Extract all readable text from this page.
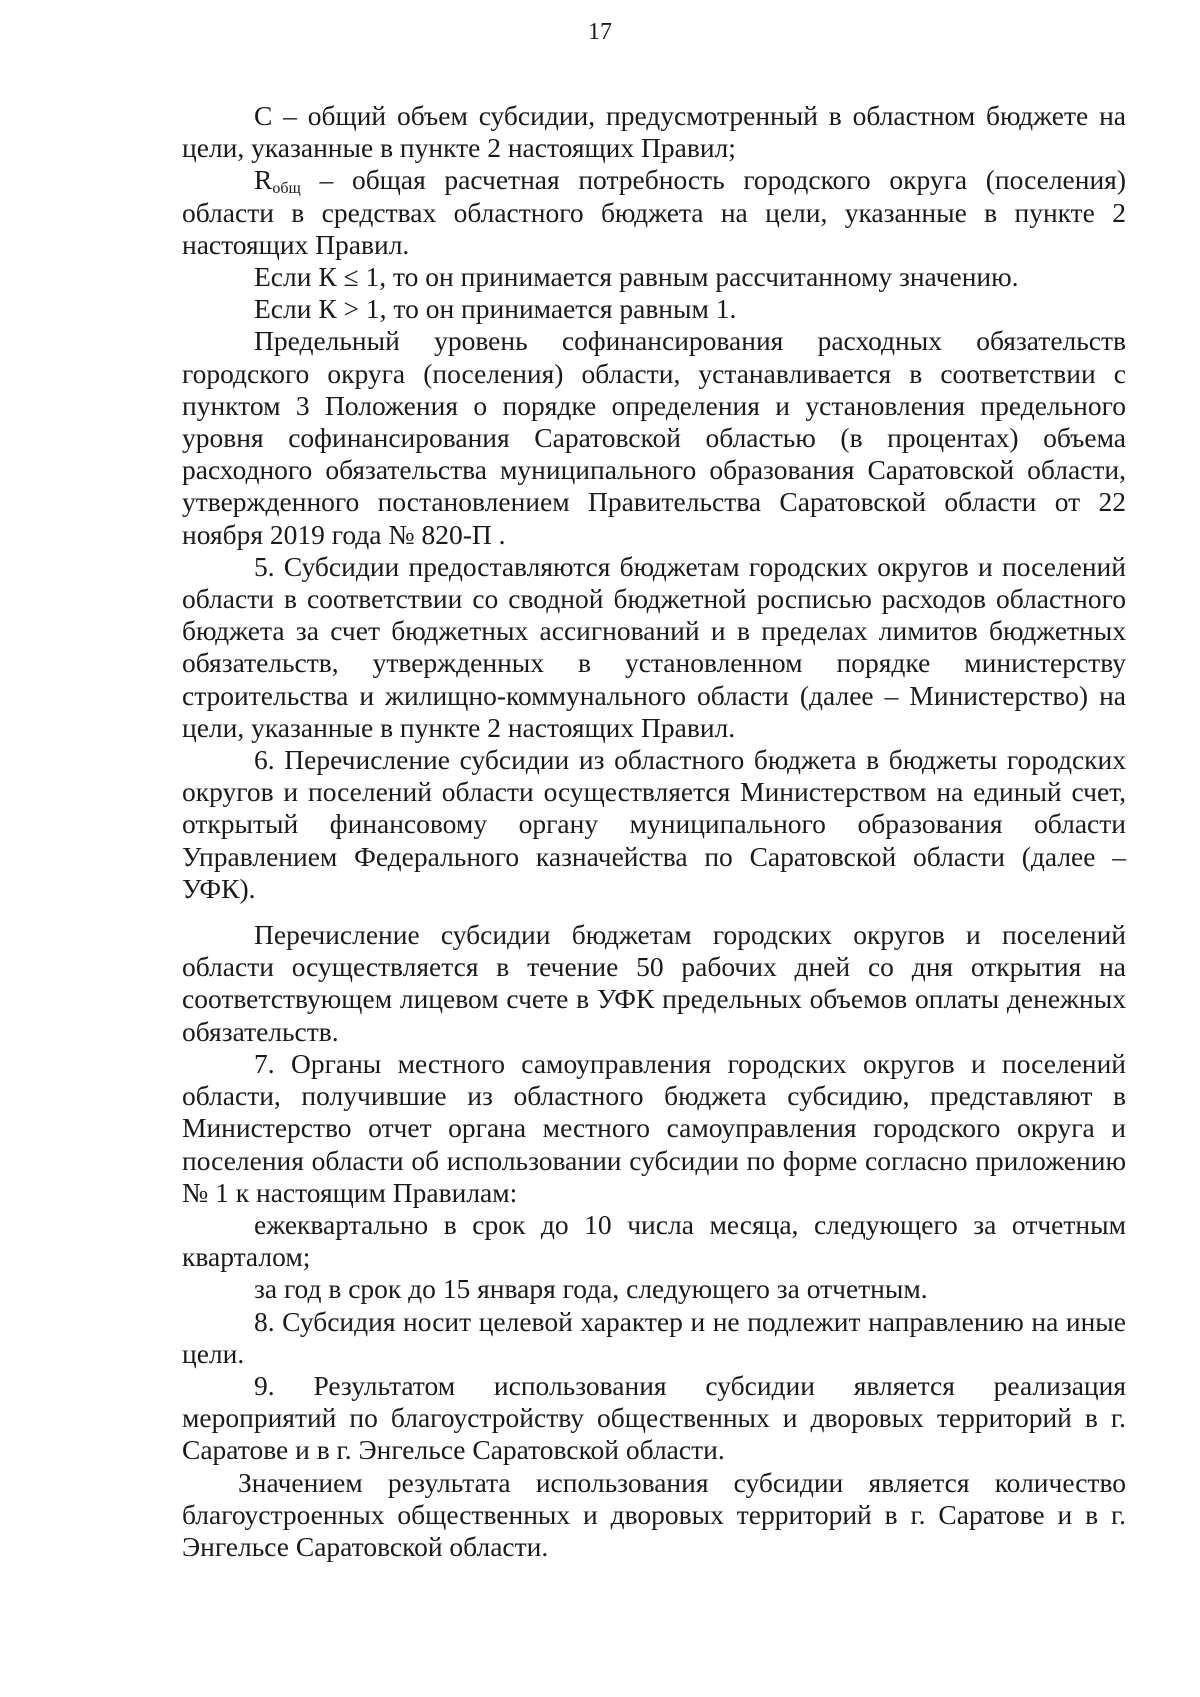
17

С – общий объем субсидии, предусмотренный в областном бюджете на цели, указанные в пункте 2 настоящих Правил;

$R_{общ}$ – общая расчетная потребность городского округа (поселения) области в средствах областного бюджета на цели, указанные в пункте 2 настоящих Правил.

Если К ≤ 1, то он принимается равным рассчитанному значению.

Если К > 1, то он принимается равным 1.

Предельный уровень софинансирования расходных обязательств городского округа (поселения) области, устанавливается в соответствии с пунктом 3 Положения о порядке определения и установления предельного уровня софинансирования Саратовской областью (в процентах) объема расходного обязательства муниципального образования Саратовской области, утвержденного постановлением Правительства Саратовской области от 22 ноября 2019 года № 820-П .

5. Субсидии предоставляются бюджетам городских округов и поселений области в соответствии со сводной бюджетной росписью расходов областного бюджета за счет бюджетных ассигнований и в пределах лимитов бюджетных обязательств, утвержденных в установленном порядке министерству строительства и жилищно-коммунального области (далее – Министерство) на цели, указанные в пункте 2 настоящих Правил.

6. Перечисление субсидии из областного бюджета в бюджеты городских округов и поселений области осуществляется Министерством на единый счет, открытый финансовому органу муниципального образования области Управлением Федерального казначейства по Саратовской области (далее – УФК).

Перечисление субсидии бюджетам городских округов и поселений области осуществляется в течение 50 рабочих дней со дня открытия на соответствующем лицевом счете в УФК предельных объемов оплаты денежных обязательств.

7. Органы местного самоуправления городских округов и поселений области, получившие из областного бюджета субсидию, представляют в Министерство отчет органа местного самоуправления городского округа и поселения области об использовании субсидии по форме согласно приложению № 1 к настоящим Правилам:

ежеквартально в срок до 10 числа месяца, следующего за отчетным кварталом;

за год в срок до 15 января года, следующего за отчетным.

8. Субсидия носит целевой характер и не подлежит направлению на иные цели.

9. Результатом использования субсидии является реализация мероприятий по благоустройству общественных и дворовых территорий в г. Саратове и в г. Энгельсе Саратовской области.

Значением результата использования субсидии является количество благоустроенных общественных и дворовых территорий в г. Саратове и в г. Энгельсе Саратовской области.
